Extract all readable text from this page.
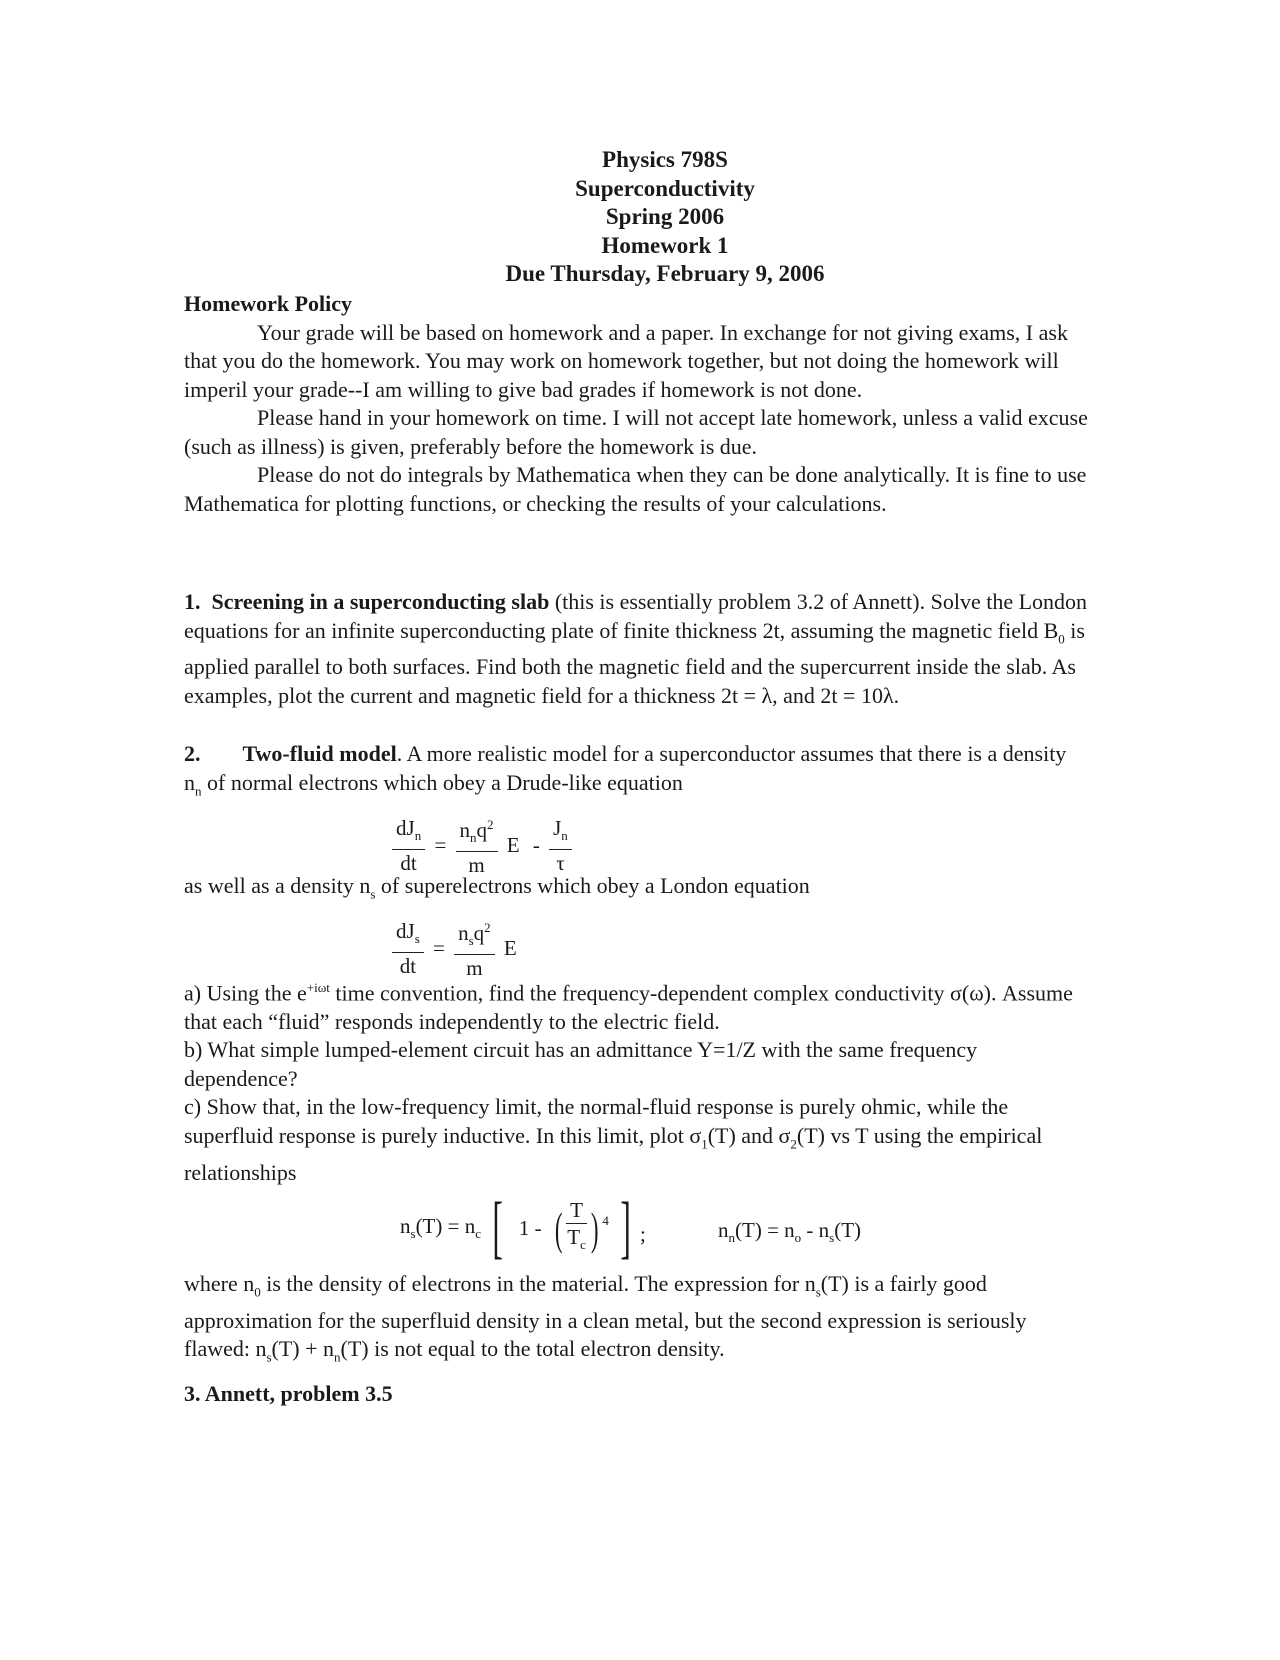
Physics 798S
Superconductivity
Spring 2006
Homework 1
Due Thursday, February 9, 2006
Homework Policy
Your grade will be based on homework and a paper. In exchange for not giving exams, I ask that you do the homework. You may work on homework together, but not doing the homework will imperil your grade--I am willing to give bad grades if homework is not done.
Please hand in your homework on time. I will not accept late homework, unless a valid excuse (such as illness) is given, preferably before the homework is due.
Please do not do integrals by Mathematica when they can be done analytically. It is fine to use Mathematica for plotting functions, or checking the results of your calculations.
1. Screening in a superconducting slab (this is essentially problem 3.2 of Annett). Solve the London equations for an infinite superconducting plate of finite thickness 2t, assuming the magnetic field $B_0$ is applied parallel to both surfaces. Find both the magnetic field and the supercurrent inside the slab. As examples, plot the current and magnetic field for a thickness 2t = λ, and 2t = 10λ.
2. Two-fluid model. A more realistic model for a superconductor assumes that there is a density $n_n$ of normal electrons which obey a Drude-like equation
$\frac{dJ_n}{dt} = \frac{n_nq^2}{m}$ E - $\frac{J_n}{\tau}$
as well as a density $n_s$ of superelectrons which obey a London equation
$\frac{dJ_s}{dt} = \frac{n_sq^2}{m}$ E
a) Using the $e^{+i\omega t}$ time convention, find the frequency-dependent complex conductivity σ(ω). Assume that each “fluid” responds independently to the electric field.
b) What simple lumped-element circuit has an admittance Y=1/Z with the same frequency dependence?
c) Show that, in the low-frequency limit, the normal-fluid response is purely ohmic, while the superfluid response is purely inductive. In this limit, plot $\sigma_1(T)$ and $\sigma_2(T)$ vs T using the empirical relationships
$n_s(T) = n_c$ [ 1 - ( $\frac{T}{T_c}$ ) $^4$ ] ;	$n_n(T) = n_o - n_s(T)$
where $n_0$ is the density of electrons in the material. The expression for $n_s(T)$ is a fairly good approximation for the superfluid density in a clean metal, but the second expression is seriously flawed: $n_s(T) + n_n(T)$ is not equal to the total electron density.
3. Annett, problem 3.5
